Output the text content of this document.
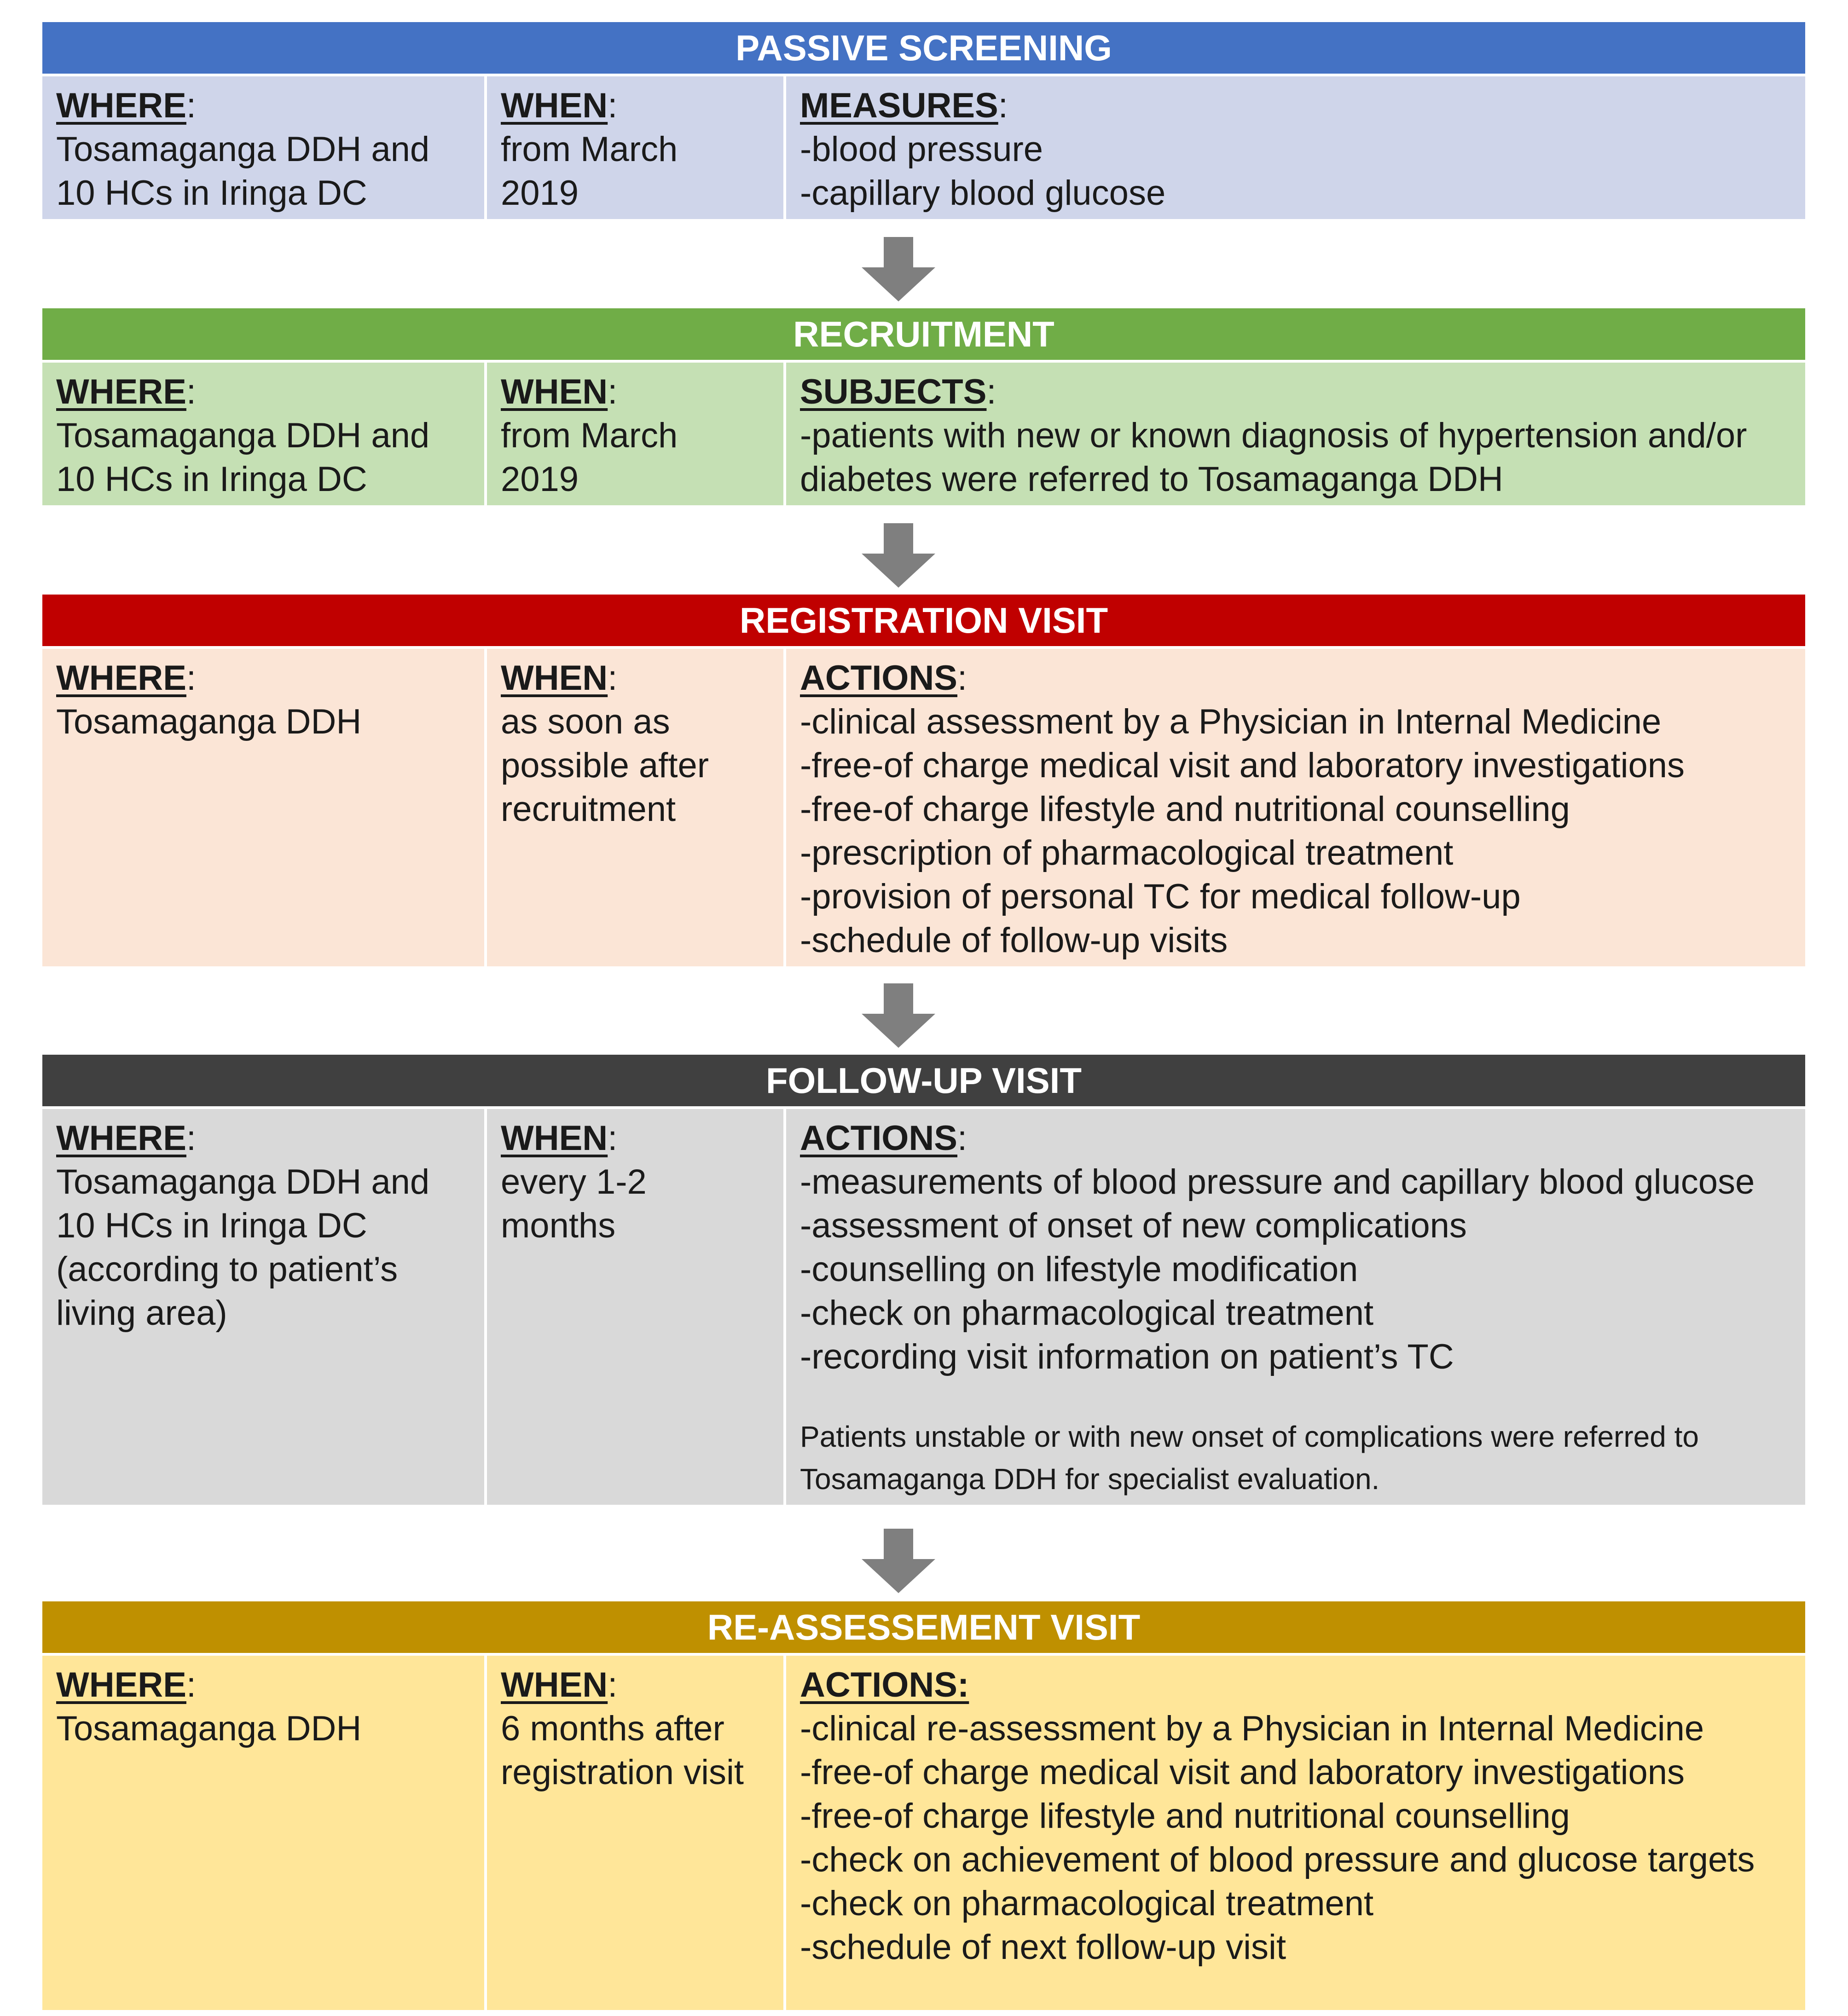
PASSIVE SCREENING
WHERE:
Tosamaganga DDH and
10 HCs in Iringa DC
WHEN:
from March
2019
MEASURES:
-blood pressure
-capillary blood glucose
RECRUITMENT
WHERE:
Tosamaganga DDH and
10 HCs in Iringa DC
WHEN:
from March
2019
SUBJECTS:
-patients with new or known diagnosis of hypertension and/or
diabetes were referred to Tosamaganga DDH
REGISTRATION VISIT
WHERE:
Tosamaganga DDH
WHEN:
as soon as
possible after
recruitment
ACTIONS:
-clinical assessment by a Physician in Internal Medicine
-free-of charge medical visit and laboratory investigations
-free-of charge lifestyle and nutritional counselling
-prescription of pharmacological treatment
-provision of personal TC for medical follow-up
-schedule of follow-up visits
FOLLOW-UP VISIT
WHERE:
Tosamaganga DDH and
10 HCs in Iringa DC
(according to patient’s
living area)
WHEN:
every 1-2
months
ACTIONS:
-measurements of blood pressure and capillary blood glucose
-assessment of onset of new complications
-counselling on lifestyle modification
-check on pharmacological treatment
-recording visit information on patient’s TC
Patients unstable or with new onset of complications were referred to
Tosamaganga DDH for specialist evaluation.
RE-ASSESSEMENT VISIT
WHERE:
Tosamaganga DDH
WHEN:
6 months after
registration visit
ACTIONS:
-clinical re-assessment by a Physician in Internal Medicine
-free-of charge medical visit and laboratory investigations
-free-of charge lifestyle and nutritional counselling
-check on achievement of blood pressure and glucose targets
-check on pharmacological treatment
-schedule of next follow-up visit
